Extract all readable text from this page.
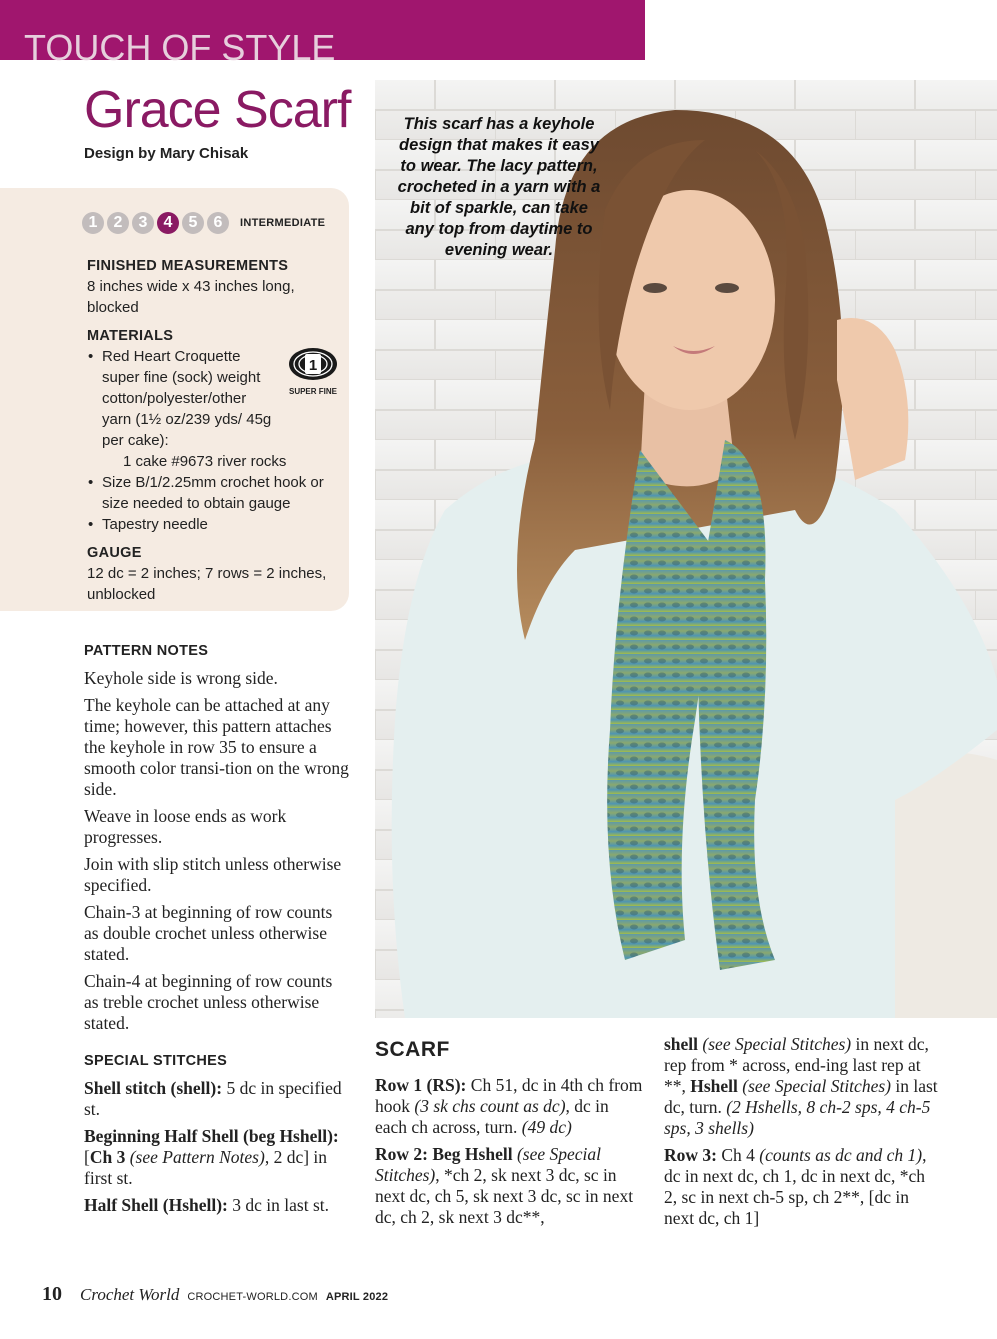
TOUCH OF STYLE
Grace Scarf
Design by Mary Chisak
1	2	3	4	5	6	INTERMEDIATE
FINISHED MEASUREMENTS

8 inches wide x 43 inches long, blocked

MATERIALS
• Red Heart Croquette super fine (sock) weight cotton/polyester/other yarn (1½ oz/239 yds/ 45g per cake):

1 cake #9673 river rocks

• Size B/1/2.25mm crochet hook or size needed to obtain gauge
• Tapestry needle
GAUGE

12 dc = 2 inches; 7 rows = 2 inches, unblocked

1
SUPER FINE
PATTERN NOTES

Keyhole side is wrong side.

The keyhole can be attached at any time; however, this pattern attaches the keyhole in row 35 to ensure a smooth color transi-tion on the wrong side.

Weave in loose ends as work progresses.

Join with slip stitch unless otherwise specified.

Chain-3 at beginning of row counts as double crochet unless otherwise stated.

Chain-4 at beginning of row counts as treble crochet unless otherwise stated.

SPECIAL STITCHES

Shell stitch (shell): 5 dc in specified st.

Beginning Half Shell (beg Hshell): [Ch 3 (see Pattern Notes), 2 dc] in first st.

Half Shell (Hshell): 3 dc in last st.

This scarf has a keyhole design that makes it easy to wear. The lacy pattern, crocheted in a yarn with a bit of sparkle, can take any top from daytime to evening wear.
SCARF

Row 1 (RS): Ch 51, dc in 4th ch from hook (3 sk chs count as dc), dc in each ch across, turn. (49 dc)

Row 2: Beg Hshell (see Special Stitches), *ch 2, sk next 3 dc, sc in next dc, ch 5, sk next 3 dc, sc in next dc, ch 2, sk next 3 dc**,

shell (see Special Stitches) in next dc, rep from * across, end-ing last rep at **, Hshell (see Special Stitches) in last dc, turn. (2 Hshells, 8 ch-2 sps, 4 ch-5 sps, 3 shells)

Row 3: Ch 4 (counts as dc and ch 1), dc in next dc, ch 1, dc in next dc, *ch 2, sc in next ch-5 sp, ch 2**, [dc in next dc, ch 1]

10 Crochet World CROCHET-WORLD.COM APRIL 2022
